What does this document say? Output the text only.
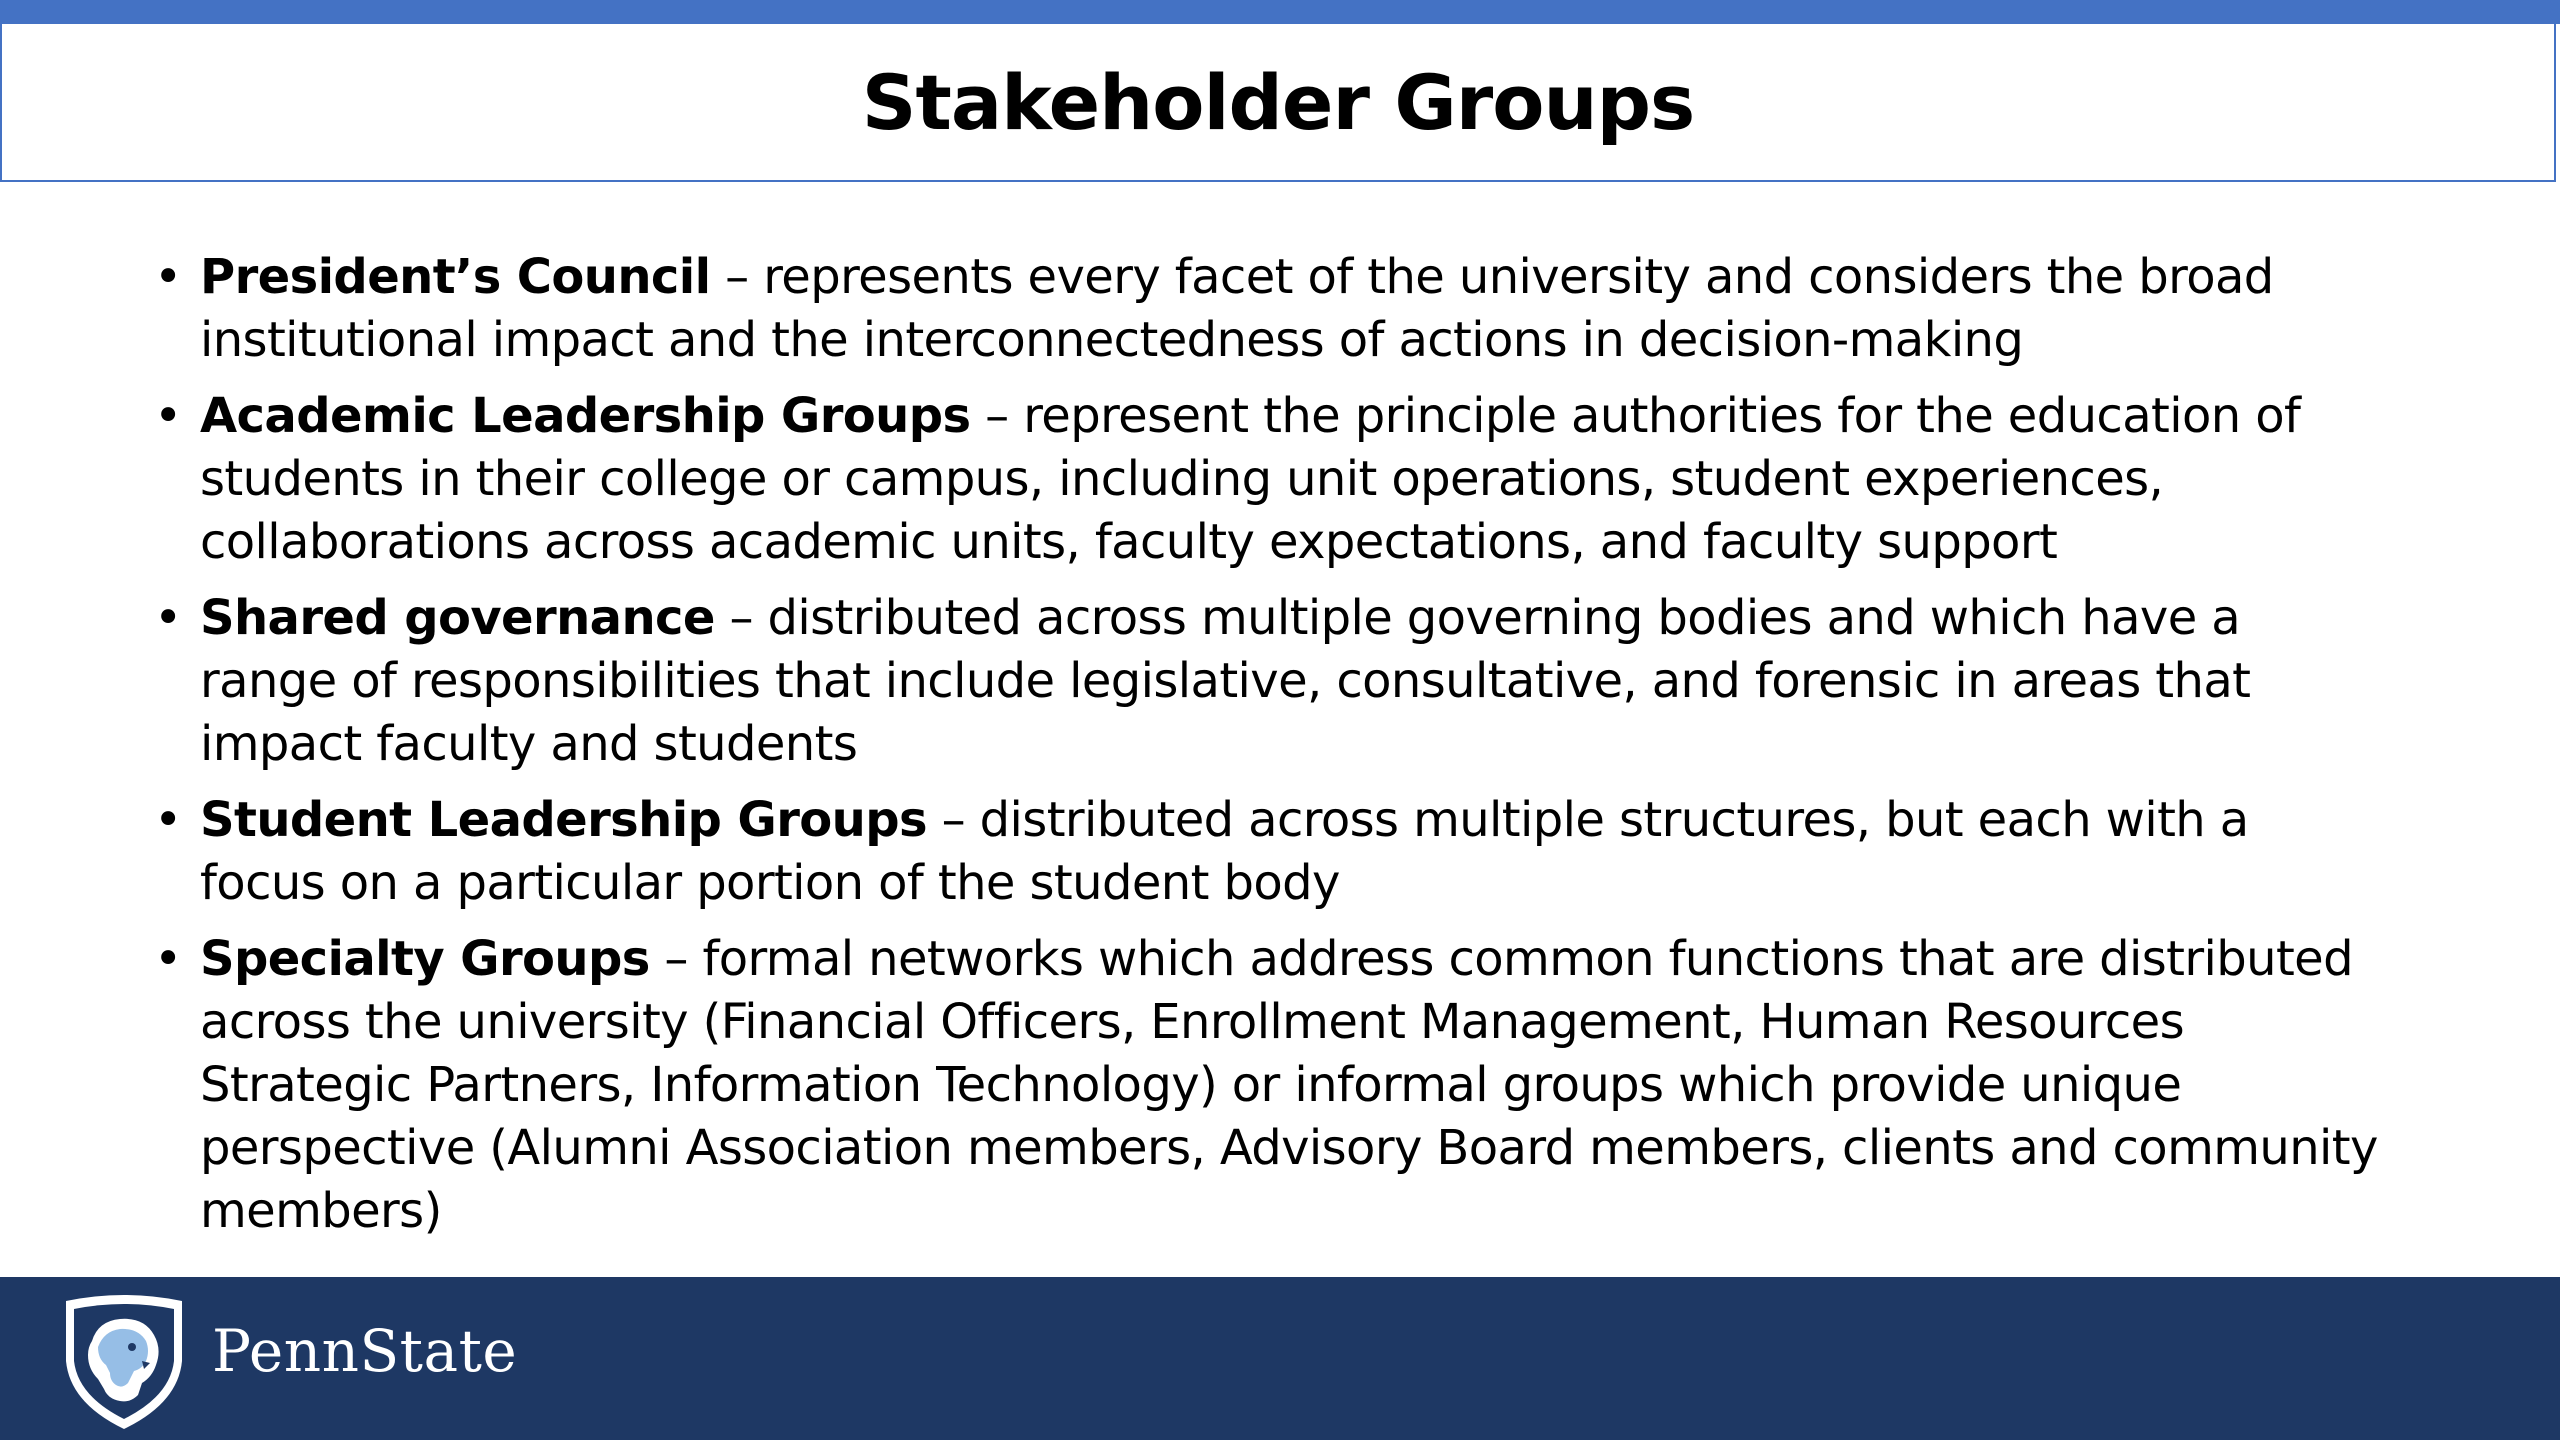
Stakeholder Groups
• President’s Council – represents every facet of the university and considers the broad institutional impact and the interconnectedness of actions in decision-making
• Academic Leadership Groups – represent the principle authorities for the education of students in their college or campus, including unit operations, student experiences, collaborations across academic units, faculty expectations, and faculty support
• Shared governance – distributed across multiple governing bodies and which have a range of responsibilities that include legislative, consultative, and forensic in areas that impact faculty and students
• Student Leadership Groups – distributed across multiple structures, but each with a focus on a particular portion of the student body
• Specialty Groups – formal networks which address common functions that are distributed across the university (Financial Officers, Enrollment Management, Human Resources Strategic Partners, Information Technology) or informal groups which provide unique perspective (Alumni Association members, Advisory Board members, clients and community members)
PennState
